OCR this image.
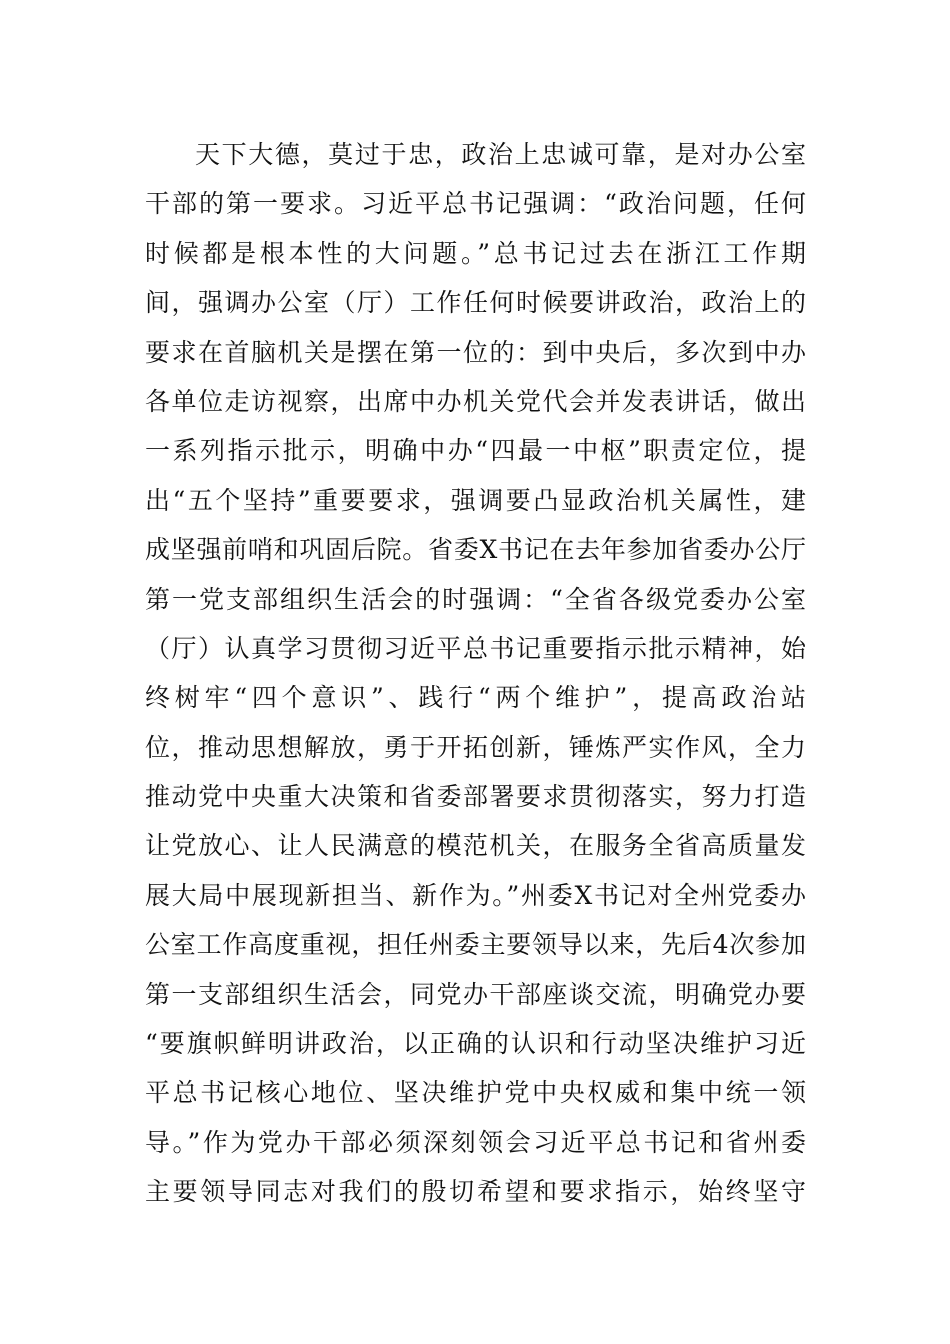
天下大德，莫过于忠，政治上忠诚可靠，是对办公室
干部的第一要求。习近平总书记强调：“政治问题，任何
时候都是根本性的大问题。”总书记过去在浙江工作期
间，强调办公室（厅）工作任何时候要讲政治，政治上的
要求在首脑机关是摆在第一位的：到中央后，多次到中办
各单位走访视察，出席中办机关党代会并发表讲话，做出
一系列指示批示，明确中办“四最一中枢”职责定位，提
出“五个坚持”重要要求，强调要凸显政治机关属性，建
成坚强前哨和巩固后院。省委X书记在去年参加省委办公厅
第一党支部组织生活会的时强调：“全省各级党委办公室
（厅）认真学习贯彻习近平总书记重要指示批示精神，始
终树牢“四个意识”、践行“两个维护”，提高政治站
位，推动思想解放，勇于开拓创新，锤炼严实作风，全力
推动党中央重大决策和省委部署要求贯彻落实，努力打造
让党放心、让人民满意的模范机关，在服务全省高质量发
展大局中展现新担当、新作为。”州委X书记对全州党委办
公室工作高度重视，担任州委主要领导以来，先后4次参加
第一支部组织生活会，同党办干部座谈交流，明确党办要
“要旗帜鲜明讲政治，以正确的认识和行动坚决维护习近
平总书记核心地位、坚决维护党中央权威和集中统一领
导。”作为党办干部必须深刻领会习近平总书记和省州委
主要领导同志对我们的殷切希望和要求指示，始终坚守
